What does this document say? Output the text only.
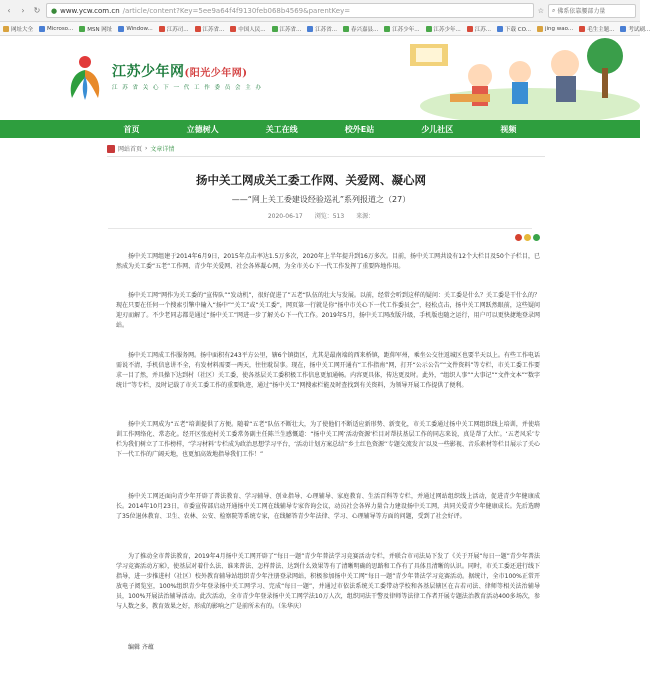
‹	›	↻ ● www.ycw.com.cn /article/content?Key=5ee9a64f4f9130feb068b4569&parentKey=	☆ ⌕ 佛系依靠腰部力量
网址大全	Microso...	MSN 网址	Window...	江苏司...	江苏省...	中国人民...	江苏省...	江苏省...	春兴嘉县...	江苏少年...	江苏少年...	江苏...	下载 CO...	jing wao...	毛生主题...	考试刷...
江苏少年网(阳光少年网)
江 苏 省 关 心 下 一 代 工 作 委 员 会 主 办
首页	立德树人	关工在线	校外E站	少儿社区	视频
网站首页 › 文章详情
扬中关工网成关工委工作网、关爱网、凝心网
——“网上关工委建设经验巡礼”系列报道之（27）
2020-06-17　　浏览：513　　来源：
扬中关工网组建于2014年6月9日，2015年点击率达1.5万多次，2020年上半年提升到16万多次。目前，扬中关工网共设有12个大栏目及50个子栏目，已然成为关工委“五老”工作网、青少年关爱网、社会各界凝心网，为全市关心下一代工作发挥了重要阵地作用。
扬中关工网“网作为关工委的“宣传队”“发动机”，很好促进了”五老“队伍的壮大与发展。以前，经常会听到这样的疑问：关工委是什么？关工委是干什么的？现在只要在任何一个搜索引擎中输入“扬中”“关工”或“关工委”，网页第一行就是你“扬中市关心下一代工作委员会”，轻松点击，扬中关工网跃然眼前，这些疑问迎刃而解了。不少老同志都是通过“扬中关工”网进一步了解关心下一代工作。2019年5月，扬中关工网改版升级，手机版也随之运行，用户可以更快捷地登录网站。
扬中关工网成工作服务网。扬中面积有243平方公里，辖6个镇街区，尤其是最南端的西来桥镇，距仰军州，乘坐公交往返城区也要半天以上。有些工作电话需说不清，手机信息讲不全，有发材料需要一两天，往往耽误事。现在，扬中关工网开通有“工作指南”网，打开“公示公告”“文件资料”等专栏，市关工委工作要求一目了然，并具操下达到村（社区）关工委，使各基层关工委积极工作信息更加通畅。内容更具体，传达更及时。此外，“组织人事”“大事记”“文件文本”“数字统计”等专栏，及时记载了市关工委工作的重要轨迹，通过“扬中关工”网搜索栏能及时查找到有关资料，为领导开展工作提供了便利。
扬中关工网成为“五老”培训提供了方便。随着“五老”队伍不断壮大，为了使他们不断适应新形势、新变化，市关工委通过扬中关工网组织线上培训，并使培训工作网络化、常态化。经开区张庭村关工委常务副主任陈兰生感慨道：“扬中关工网‘活动资源’栏目对帮扶基层工作的同志来说，真是帮了大忙。‘五老风采’专栏为我们树立了工作榜样，‘学习材料’专栏成为政治思想学习平台，‘活动计划方案总结’‘乡土红色资源’‘专题交流发言’以及一些影视、音乐素材等栏目展示了关心下一代工作的广阔天地，也更加高效地指导我们工作！”
扬中关工网还面向青少年开辟了普法教育、学习辅导、创业指导、心理辅导、家庭教育、生活百科等专栏，并通过网站组织线上活动，促进青少年健康成长。2014年10月23日，市委宣传部启动开通扬中关工网在线辅导专家咨询会议，动员社会各界力量合力建设扬中关工网，共同关爱青少年健康成长。先后选聘了35位退休教育、卫生、农林、公安、检察院等系统专家，在线解答青少年法律、学习、心理辅导等方面的问题，受到了社会好评。
为了推动全市普法教育，2019年4月扬中关工网开辟了“每日一题”青少年普法学习竞赛活动专栏，并联合市司法局下发了《关于开展“每日一题”青少年普法学习竞赛活动方案》，使基层对着什么法、谁来普法、怎样普法、达到什么效果等有了清晰明确的思路和工作有了具体且清晰的认识。同时，市关工委还进行线下指导，进一步推进村（社区）校外教育辅导站组织青少年注册登录网站，积极参加扬中关工网“每日一题”青少年普法学习竞赛活动。据统计，全市100%正常开放电子阅览室，100%组织青少年登录扬中关工网学习、完成“每日一题”，并通过市依法系统关工委带动学校和各基层辖区在吉若司法、律师等相关法治辅导员，100%开展法治辅导活动。此次活动，全市青少年登录扬中关工网学法10万人次，组织同法干警及律师等法律工作者开展专题法治教育活动400多场次，参与人数之多，教育效果之好，形成的影响之广是前所未有的。（朱华庆）
编辑 齐蕴
